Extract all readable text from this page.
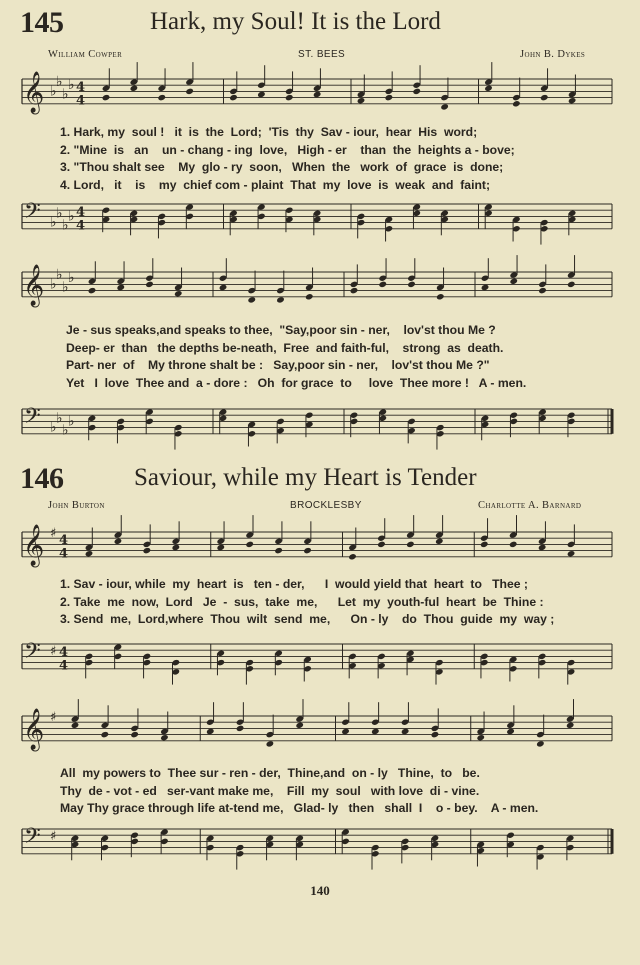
145	Hark, my Soul! It is the Lord
William Cowper	ST. BEES	John B. Dykes
𝄞 ♭
♭
♭
♭ 4
4
1. Hark, my  soul !   it  is  the  Lord;  'Tis  thy  Sav - iour,  hear  His  word;
2. "Mine  is   an    un - chang - ing  love,   High - er    than  the  heights a - bove;
3. "Thou shalt see    My  glo - ry  soon,   When  the   work  of  grace  is  done;
4. Lord,   it    is    my  chief com - plaint  That  my  love  is  weak  and  faint;
𝄢 ♭
♭
♭
♭ 4
4
𝄞 ♭
♭
♭
♭
Je - sus speaks,and speaks to thee,  "Say,poor sin - ner,    lov'st thou Me ?
Deep- er  than   the depths be-neath,  Free  and faith-ful,    strong  as  death.
Part- ner  of    My throne shalt be :   Say,poor sin - ner,    lov'st thou Me ?"
Yet   I  love  Thee and  a - dore :   Oh  for grace  to     love  Thee more !   A - men.
𝄢 ♭
♭
♭
♭
146	Saviour, while my Heart is Tender
John Burton	BROCKLESBY	Charlotte A. Barnard
𝄞 ♯ 4
4
1. Sav - iour, while  my  heart  is   ten - der,      I  would yield that  heart  to   Thee ;
2. Take  me  now,  Lord   Je  -  sus,  take  me,      Let  my  youth-ful  heart  be  Thine :
3. Send  me,  Lord,where  Thou  wilt  send  me,      On - ly    do  Thou  guide  my  way ;
𝄢 ♯ 4
4
𝄞 ♯
All  my powers to  Thee sur - ren - der,  Thine,and  on - ly   Thine,  to   be.
Thy  de - vot - ed   ser-vant make me,    Fill  my  soul   with love  di - vine.
May Thy grace through life at-tend me,   Glad- ly   then   shall  I    o - bey.    A - men.
𝄢 ♯
140
